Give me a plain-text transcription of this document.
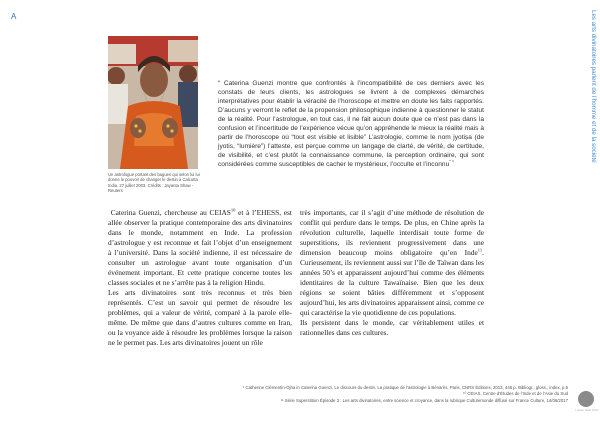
A
Un astrologue portant des bagues qui selon lui lui donne le pouvoir de changer le destin à Calcutta India. 27 juillet 2003. Crédits : Jayanta Shaw - Reuters
“ Caterina Guenzi montre que confrontés à l’incompatibilité de ces derniers avec les constats de leurs clients, les astrologues se livrent à de complexes démarches interprétatives pour établir la véracité de l’horoscope et mettre en doute les faits rapportés. D’aucuns y verront le reflet de la propension philosophique indienne à questionner le statut de la réalité. Pour l’astrologue, en tout cas, il ne fait aucun doute que ce n’est pas dans la confusion et l’incertitude de l’expérience vécue qu’on appréhende le mieux la réalité mais à partir de l’horoscope où “tout est visible et lisible” L’astrologie, comme le nom jyotiṣa (de jyotis, “lumière”) l’atteste, est perçue comme un langage de clarté, de vérité, de certitude, de visibilité, et c’est plutôt la connaissance commune, la perception ordinaire, qui sont considérées comme susceptibles de cacher le mystérieux, l’occulte et l’inconnu$^{” ^9}$	Les arts divinatoires parlent de l’homme et de la société

Caterina Guenzi, chercheuse au CEIAS$^{10}$ et à l’EHESS, est allée observer la pratique contemporaine des arts divinatoires dans le monde, notamment en Inde. La profession d’astrologue y est reconnue et fait l’objet d’un enseignement à l’université. Dans la société indienne, il est nécessaire de consulter un astrologue avant toute organisation d’un événement important. Et cette pratique concerne toutes les classes sociales et ne s’arrête pas à la religion Hindu.

Les arts divinatoires sont très reconnus et très bien représentés. C’est un savoir qui permet de résoudre les problèmes, qui a valeur de vérité, comparé à la parole elle-même. De même que dans d’autres cultures comme en Iran, ou la voyance aide à résoudre les problèmes lorsque la raison ne le permet pas. Les arts divinatoires jouent un rôle

très importants, car il s’agit d’une méthode de résolution de conflit qui perdure dans le temps. De plus, en Chine après la révolution culturelle, laquelle interdisait toute forme de superstitions, ils reviennent progressivement dans une dimension beaucoup moins obligatoire qu’en Inde$^{11}$. Curieusement, ils reviennent aussi sur l’île de Taïwan dans les années 50’s et apparaissent aujourd’hui comme des éléments identitaires de la culture Tawaïnaise. Bien que les deux régions se soient bâties différemment et s’opposent aujourd’hui, les arts divinatoires apparaissent ainsi, comme ce qui caractérise la vie quotidienne de ces populations.

Ils persistent dans le monde, car véritablement utiles et rationnelles dans ces cultures.

⁹ Catherine Clémentin-Ojha in Caterina Guenzi, Le discours du destin. La pratique de l’astrologie à Bénarès, Paris, CNRS Éditions, 2013, 446 p. Bibliogr., gloss., index, p.5
¹⁰ CEIAS, Centre d’Études de l’Inde et de l’Asie du Sud
¹¹ Série Superstition Épisode 3 : Les arts divinatoires, entre science et croyance, dans la rubrique Culturemonde diffusé sur France Culture, 14/06/2017
Lucien Sarti 2017
